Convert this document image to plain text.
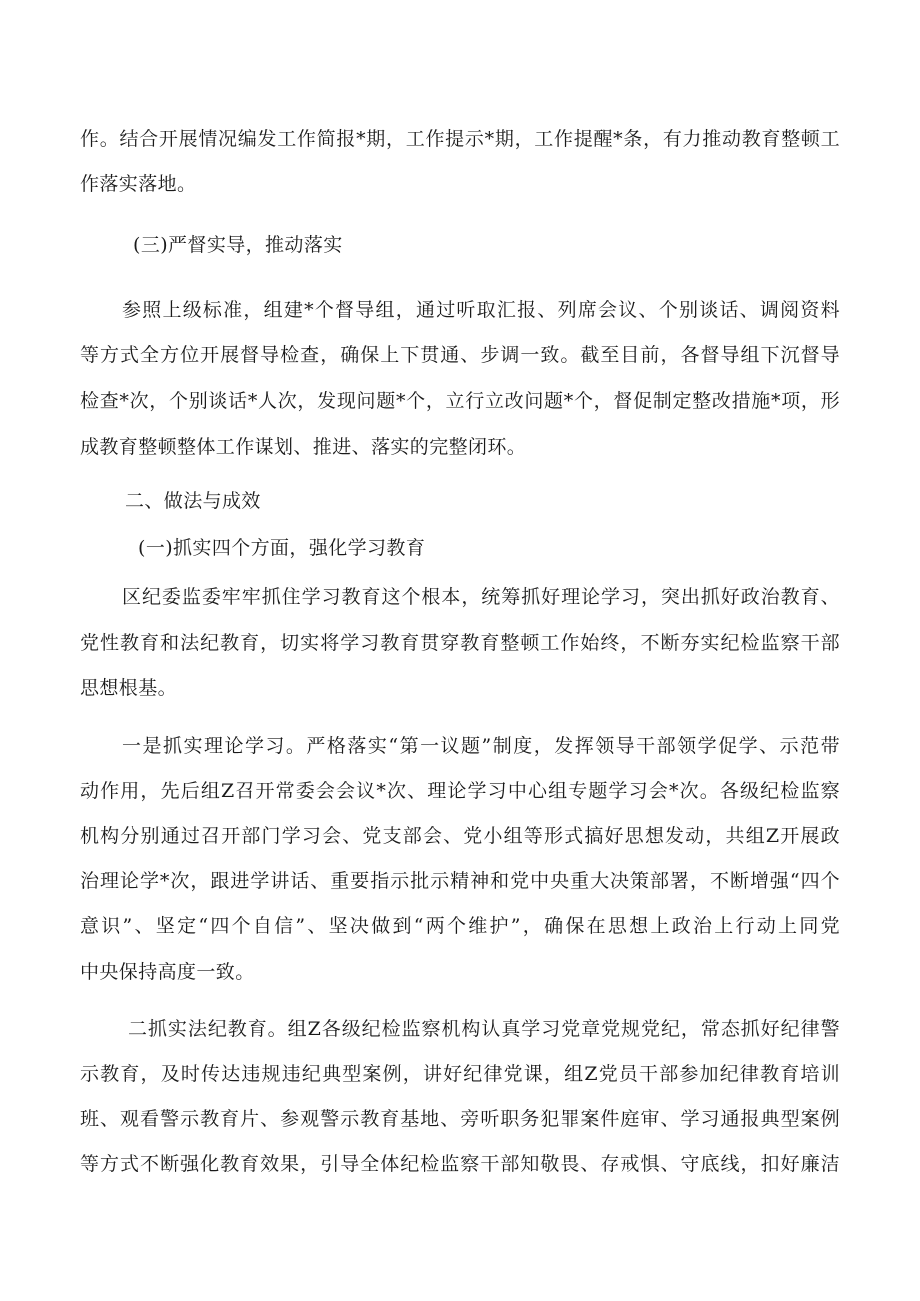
作。结合开展情况编发工作简报*期，工作提示*期，工作提醒*条，有力推动教育整顿工
作落实落地。
(三)严督实导，推动落实
参照上级标准，组建*个督导组，通过听取汇报、列席会议、个别谈话、调阅资料
等方式全方位开展督导检查，确保上下贯通、步调一致。截至目前，各督导组下沉督导
检查*次，个别谈话*人次，发现问题*个，立行立改问题*个，督促制定整改措施*项，形
成教育整顿整体工作谋划、推进、落实的完整闭环。
二、做法与成效
(一)抓实四个方面，强化学习教育
区纪委监委牢牢抓住学习教育这个根本，统筹抓好理论学习，突出抓好政治教育、
党性教育和法纪教育，切实将学习教育贯穿教育整顿工作始终，不断夯实纪检监察干部
思想根基。
一是抓实理论学习。严格落实“第一议题”制度，发挥领导干部领学促学、示范带
动作用，先后组Z召开常委会会议*次、理论学习中心组专题学习会*次。各级纪检监察
机构分别通过召开部门学习会、党支部会、党小组等形式搞好思想发动，共组Z开展政
治理论学*次，跟进学讲话、重要指示批示精神和党中央重大决策部署，不断增强“四个
意识”、坚定“四个自信”、坚决做到“两个维护”，确保在思想上政治上行动上同党
中央保持高度一致。
二抓实法纪教育。组Z各级纪检监察机构认真学习党章党规党纪，常态抓好纪律警
示教育，及时传达违规违纪典型案例，讲好纪律党课，组Z党员干部参加纪律教育培训
班、观看警示教育片、参观警示教育基地、旁听职务犯罪案件庭审、学习通报典型案例
等方式不断强化教育效果，引导全体纪检监察干部知敬畏、存戒惧、守底线，扣好廉洁
